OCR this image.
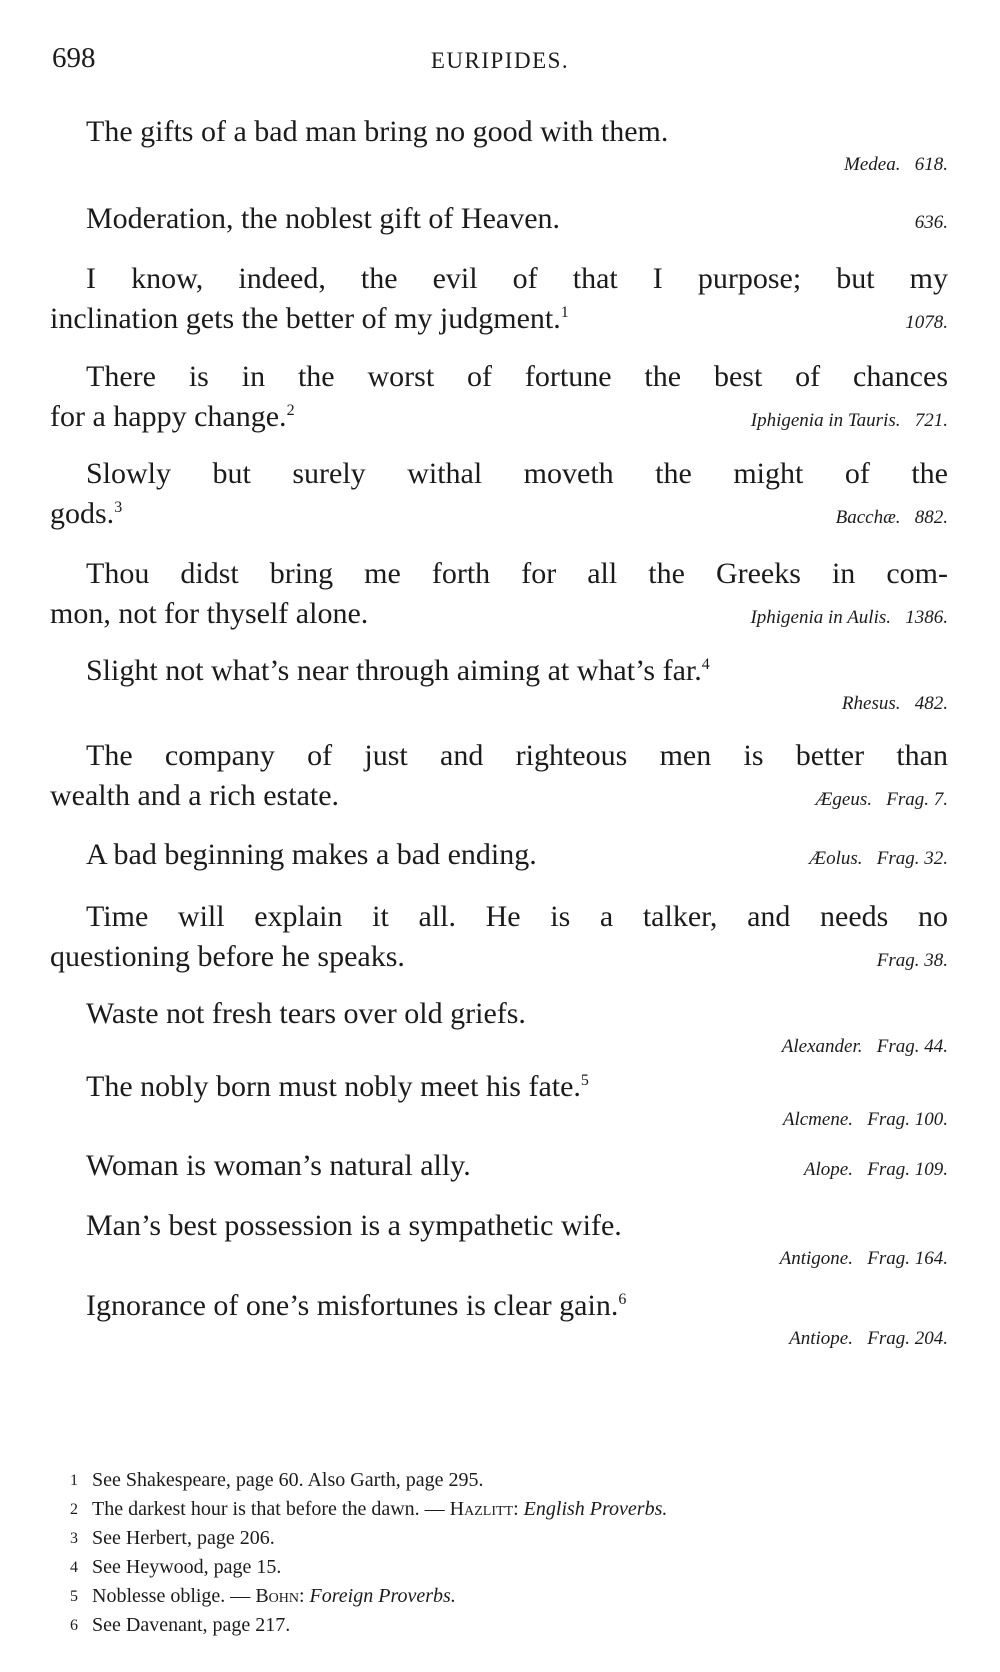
698	EURIPIDES.
The gifts of a bad man bring no good with them.
Medea.   618.
Moderation, the noblest gift of Heaven.	636.
I know, indeed, the evil of that I purpose; but my
inclination gets the better of my judgment.$^1$	1078.
There is in the worst of fortune the best of chances
for a happy change.$^2$	Iphigenia in Tauris.   721.
Slowly but surely withal moveth the might of the
gods.$^3$	Bacchæ.   882.
Thou didst bring me forth for all the Greeks in com-
mon, not for thyself alone.	Iphigenia in Aulis.   1386.
Slight not what’s near through aiming at what’s far.$^4$
Rhesus.   482.
The company of just and righteous men is better than
wealth and a rich estate.	Ægeus.   Frag. 7.
A bad beginning makes a bad ending.	Æolus.   Frag. 32.
Time will explain it all. He is a talker, and needs no
questioning before he speaks.	Frag. 38.
Waste not fresh tears over old griefs.
Alexander.   Frag. 44.
The nobly born must nobly meet his fate.$^5$
Alcmene.   Frag. 100.
Woman is woman’s natural ally.	Alope.   Frag. 109.
Man’s best possession is a sympathetic wife.
Antigone.   Frag. 164.
Ignorance of one’s misfortunes is clear gain.$^6$
Antiope.   Frag. 204.
1 See Shakespeare, page 60. Also Garth, page 295.
2 The darkest hour is that before the dawn. — Hazlitt: English Proverbs.
3 See Herbert, page 206.
4 See Heywood, page 15.
5 Noblesse oblige. — Bohn: Foreign Proverbs.
6 See Davenant, page 217.
